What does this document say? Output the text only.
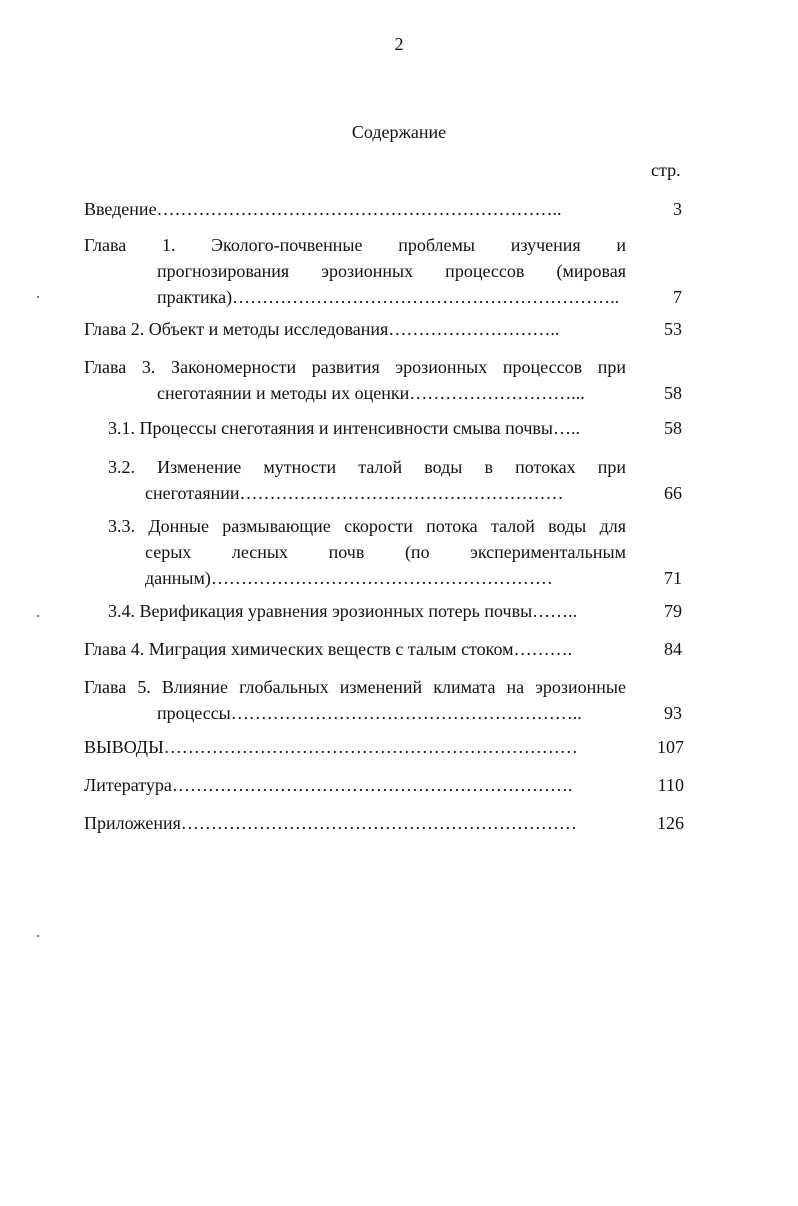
2
Содержание
стр.
Введение…………………………………………………………..	3
Глава 1. Эколого-почвенные проблемы изучения и
прогнозирования эрозионных процессов (мировая
практика)………………………………………………………..	7
Глава 2. Объект и методы исследования………………………..	53
Глава 3. Закономерности развития эрозионных процессов при
снеготаянии и методы их оценки………………………...	58
3.1. Процессы снеготаяния и интенсивности смыва почвы…..	58
3.2. Изменение мутности талой воды в потоках при
снеготаянии………………………………………………	66
3.3. Донные размывающие скорости потока талой воды для
серых лесных почв (по экспериментальным
данным)…………………………………………………	71
3.4. Верификация уравнения эрозионных потерь почвы……..	79
Глава 4. Миграция химических веществ с талым стоком……….	84
Глава 5. Влияние глобальных изменений климата на эрозионные
процессы…………………………………………………..	93
ВЫВОДЫ……………………………………………………………	107
Литература………………………………………………………….	110
Приложения…………………………………………………………	126
